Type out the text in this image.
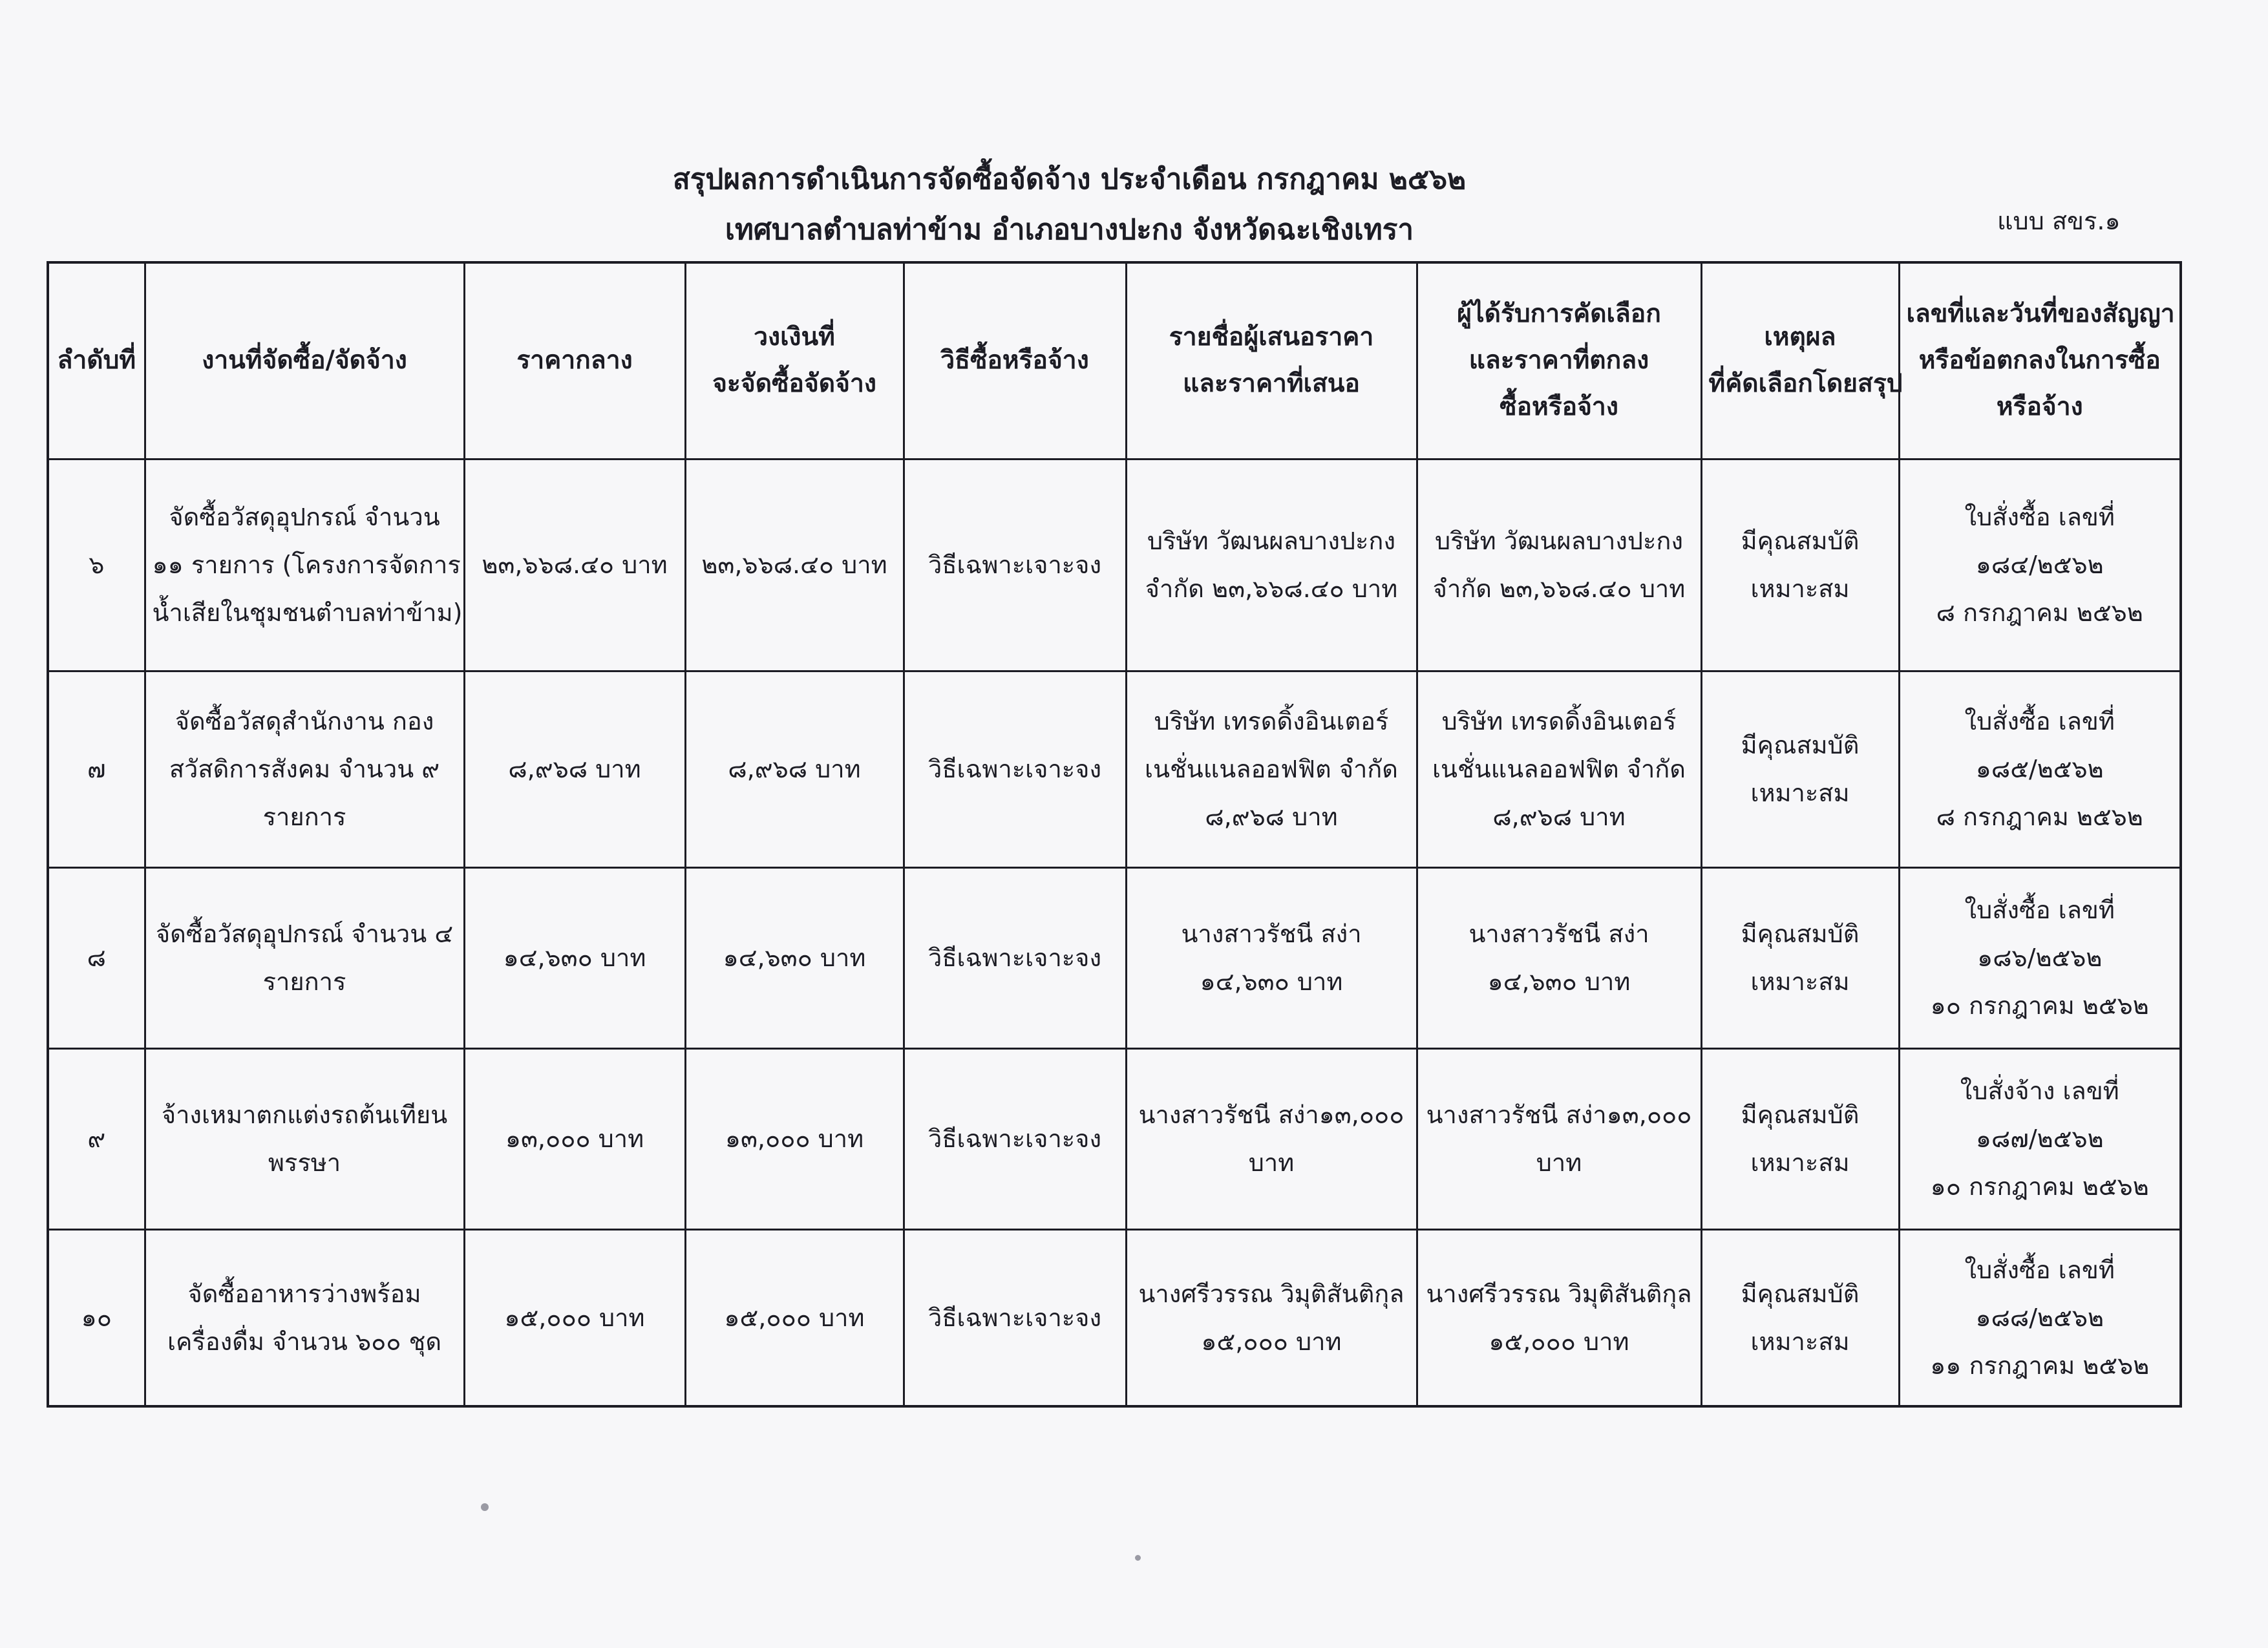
สรุปผลการดำเนินการจัดซื้อจัดจ้าง ประจำเดือน กรกฎาคม ๒๕๖๒
เทศบาลตำบลท่าข้าม อำเภอบางปะกง จังหวัดฉะเชิงเทรา	แบบ สขร.๑
ลำดับที่	งานที่จัดซื้อ/จัดจ้าง	ราคากลาง	วงเงินที่
จะจัดซื้อจัดจ้าง	วิธีซื้อหรือจ้าง	รายชื่อผู้เสนอราคา
และราคาที่เสนอ	ผู้ได้รับการคัดเลือก
และราคาที่ตกลง
ซื้อหรือจ้าง	เหตุผล
ที่คัดเลือกโดยสรุป	เลขที่และวันที่ของสัญญา
หรือข้อตกลงในการซื้อ
หรือจ้าง

๖	จัดซื้อวัสดุอุปกรณ์ จำนวน
๑๑ รายการ (โครงการจัดการ
น้ำเสียในชุมชนตำบลท่าข้าม)	๒๓,๖๖๘.๔๐ บาท	๒๓,๖๖๘.๔๐ บาท	วิธีเฉพาะเจาะจง	บริษัท วัฒนผลบางปะกง
จำกัด ๒๓,๖๖๘.๔๐ บาท	บริษัท วัฒนผลบางปะกง
จำกัด ๒๓,๖๖๘.๔๐ บาท	มีคุณสมบัติ
เหมาะสม	ใบสั่งซื้อ เลขที่
๑๘๔/๒๕๖๒
๘ กรกฎาคม ๒๕๖๒

๗	จัดซื้อวัสดุสำนักงาน กอง
สวัสดิการสังคม จำนวน ๙
รายการ	๘,๙๖๘ บาท	๘,๙๖๘ บาท	วิธีเฉพาะเจาะจง	บริษัท เทรดดิ้งอินเตอร์
เนชั่นแนลออฟฟิต จำกัด
๘,๙๖๘ บาท	บริษัท เทรดดิ้งอินเตอร์
เนชั่นแนลออฟฟิต จำกัด
๘,๙๖๘ บาท	มีคุณสมบัติ
เหมาะสม	ใบสั่งซื้อ เลขที่
๑๘๕/๒๕๖๒
๘ กรกฎาคม ๒๕๖๒

๘	จัดซื้อวัสดุอุปกรณ์ จำนวน ๔
รายการ	๑๔,๖๓๐ บาท	๑๔,๖๓๐ บาท	วิธีเฉพาะเจาะจง	นางสาวรัชนี สง่า
๑๔,๖๓๐ บาท	นางสาวรัชนี สง่า
๑๔,๖๓๐ บาท	มีคุณสมบัติ
เหมาะสม	ใบสั่งซื้อ เลขที่
๑๘๖/๒๕๖๒
๑๐ กรกฎาคม ๒๕๖๒

๙	จ้างเหมาตกแต่งรถต้นเทียน
พรรษา	๑๓,๐๐๐ บาท	๑๓,๐๐๐ บาท	วิธีเฉพาะเจาะจง	นางสาวรัชนี สง่า๑๓,๐๐๐
บาท	นางสาวรัชนี สง่า๑๓,๐๐๐
บาท	มีคุณสมบัติ
เหมาะสม	ใบสั่งจ้าง เลขที่
๑๘๗/๒๕๖๒
๑๐ กรกฎาคม ๒๕๖๒

๑๐	จัดซื้ออาหารว่างพร้อม
เครื่องดื่ม จำนวน ๖๐๐ ชุด	๑๕,๐๐๐ บาท	๑๕,๐๐๐ บาท	วิธีเฉพาะเจาะจง	นางศรีวรรณ วิมุติสันติกุล
๑๕,๐๐๐ บาท	นางศรีวรรณ วิมุติสันติกุล
๑๕,๐๐๐ บาท	มีคุณสมบัติ
เหมาะสม	ใบสั่งซื้อ เลขที่
๑๘๘/๒๕๖๒
๑๑ กรกฎาคม ๒๕๖๒
